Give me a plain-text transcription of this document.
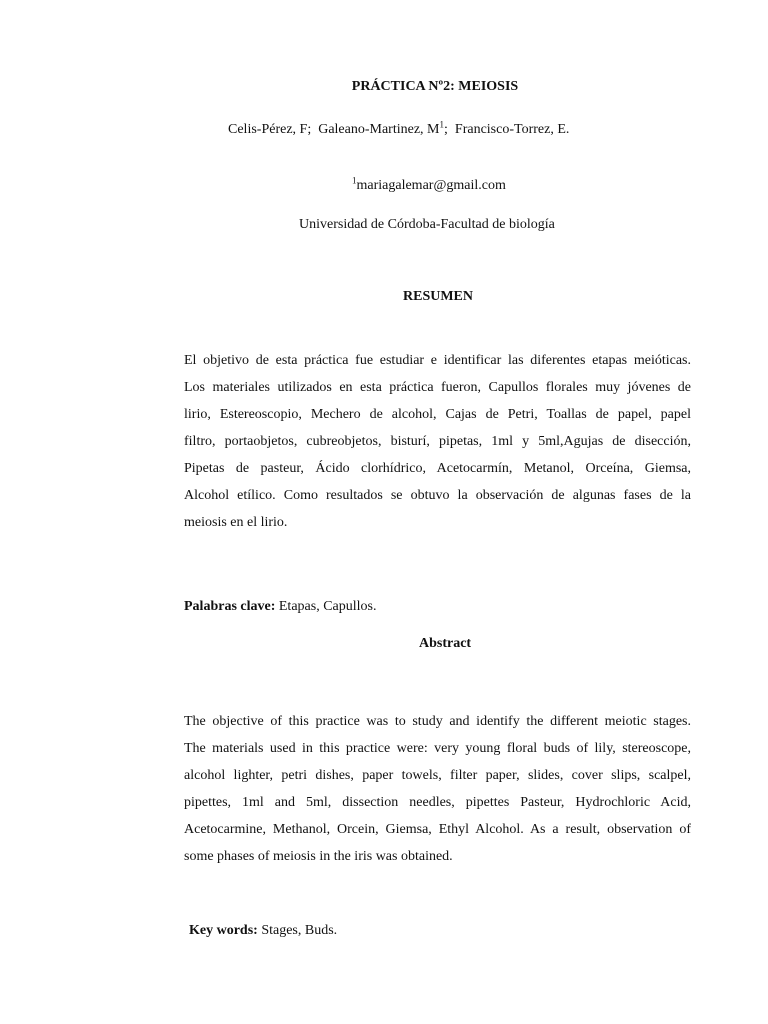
PRÁCTICA Nº2: MEIOSIS
Celis-Pérez, F; Galeano-Martinez, $M^1$; Francisco-Torrez, E.
$^1$mariagalemar@gmail.com
Universidad de Córdoba-Facultad de biología
RESUMEN
El objetivo de esta práctica fue estudiar e identificar las diferentes etapas meióticas.
Los materiales utilizados en esta práctica fueron, Capullos florales muy jóvenes de
lirio, Estereoscopio, Mechero de alcohol, Cajas de Petri, Toallas de papel, papel
filtro, portaobjetos, cubreobjetos, bisturí, pipetas, 1ml y 5ml,Agujas de disección,
Pipetas de pasteur, Ácido clorhídrico, Acetocarmín, Metanol, Orceína, Giemsa,
Alcohol etílico. Como resultados se obtuvo la observación de algunas fases de la
meiosis en el lirio.
Palabras clave: Etapas, Capullos.
Abstract
The objective of this practice was to study and identify the different meiotic stages.
The materials used in this practice were: very young floral buds of lily, stereoscope,
alcohol lighter, petri dishes, paper towels, filter paper, slides, cover slips, scalpel,
pipettes, 1ml and 5ml, dissection needles, pipettes Pasteur, Hydrochloric Acid,
Acetocarmine, Methanol, Orcein, Giemsa, Ethyl Alcohol. As a result, observation of
some phases of meiosis in the iris was obtained.
Key words: Stages, Buds.
